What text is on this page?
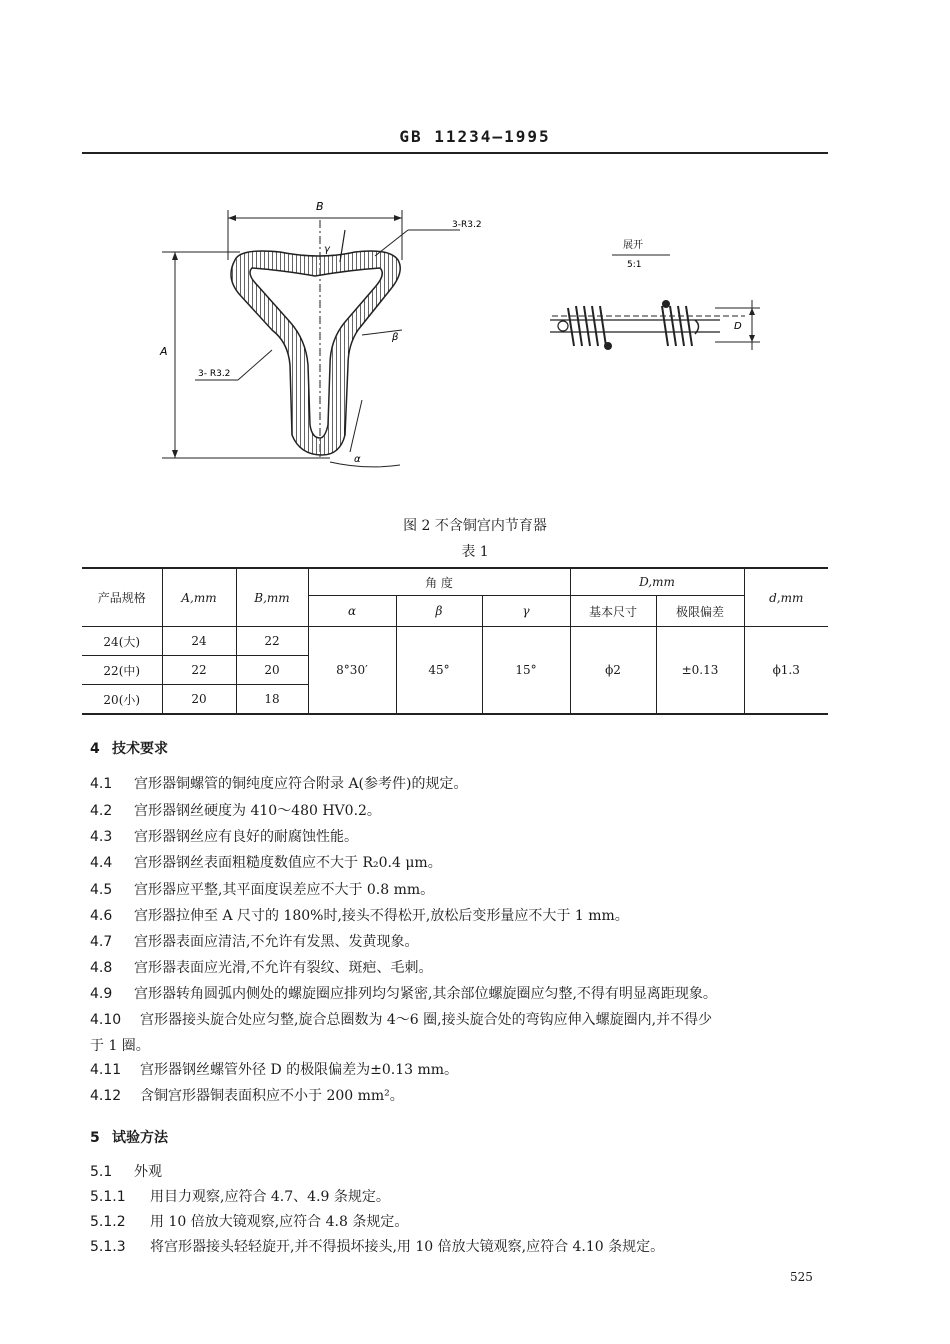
GB 11234—1995
B
A
3-R3.2
3- R3.2
γ
β
α
展开
5:1
D
图 2 不含铜宫内节育器
表 1
产品规格	A,mm	B,mm	角 度			D,mm		d,mm
			α	β	γ	基本尺寸	极限偏差	
24(大)	24	22	8°30′	45°	15°	ϕ2	±0.13	ϕ1.3
22(中)	22	20						
20(小)	20	18						
4 技术要求
4.1 宫形器铜螺管的铜纯度应符合附录 A(参考件)的规定。
4.2 宫形器钢丝硬度为 410～480 HV0.2。
4.3 宫形器钢丝应有良好的耐腐蚀性能。
4.4 宫形器钢丝表面粗糙度数值应不大于 R₂0.4 μm。
4.5 宫形器应平整,其平面度误差应不大于 0.8 mm。
4.6 宫形器拉伸至 A 尺寸的 180%时,接头不得松开,放松后变形量应不大于 1 mm。
4.7 宫形器表面应清洁,不允许有发黑、发黄现象。
4.8 宫形器表面应光滑,不允许有裂纹、斑疤、毛刺。
4.9 宫形器转角圆弧内侧处的螺旋圈应排列均匀紧密,其余部位螺旋圈应匀整,不得有明显离距现象。
4.10 宫形器接头旋合处应匀整,旋合总圈数为 4～6 圈,接头旋合处的弯钩应伸入螺旋圈内,并不得少
于 1 圈。
4.11 宫形器钢丝螺管外径 D 的极限偏差为±0.13 mm。
4.12 含铜宫形器铜表面积应不小于 200 mm²。
5 试验方法
5.1 外观
5.1.1 用目力观察,应符合 4.7、4.9 条规定。
5.1.2 用 10 倍放大镜观察,应符合 4.8 条规定。
5.1.3 将宫形器接头轻轻旋开,并不得损坏接头,用 10 倍放大镜观察,应符合 4.10 条规定。
525
